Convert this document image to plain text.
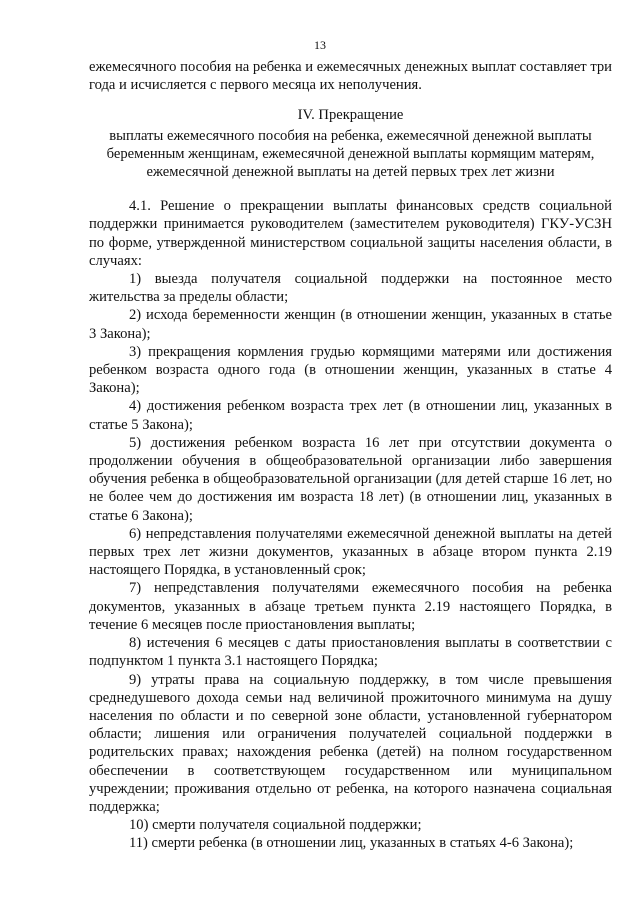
13

ежемесячного пособия на ребенка и ежемесячных денежных выплат составляет три года и исчисляется с первого месяца их неполучения.

IV. Прекращение
выплаты ежемесячного пособия на ребенка, ежемесячной денежной выплаты
беременным женщинам, ежемесячной денежной выплаты кормящим матерям,
ежемесячной денежной выплаты на детей первых трех лет жизни

4.1. Решение о прекращении выплаты финансовых средств социальной поддержки принимается руководителем (заместителем руководителя) ГКУ-УСЗН по форме, утвержденной министерством социальной защиты населения области, в случаях:

1) выезда получателя социальной поддержки на постоянное место жительства за пределы области;

2) исхода беременности женщин (в отношении женщин, указанных в статье 3 Закона);

3) прекращения кормления грудью кормящими матерями или достижения ребенком возраста одного года (в отношении женщин, указанных в статье 4 Закона);

4) достижения ребенком возраста трех лет (в отношении лиц, указанных в статье 5 Закона);

5) достижения ребенком возраста 16 лет при отсутствии документа о продолжении обучения в общеобразовательной организации либо завершения обучения ребенка в общеобразовательной организации (для детей старше 16 лет, но не более чем до достижения им возраста 18 лет) (в отношении лиц, указанных в статье 6 Закона);

6) непредставления получателями ежемесячной денежной выплаты на детей первых трех лет жизни документов, указанных в абзаце втором пункта 2.19 настоящего Порядка, в установленный срок;

7) непредставления получателями ежемесячного пособия на ребенка документов, указанных в абзаце третьем пункта 2.19 настоящего Порядка, в течение 6 месяцев после приостановления выплаты;

8) истечения 6 месяцев с даты приостановления выплаты в соответствии с подпунктом 1 пункта 3.1 настоящего Порядка;

9) утраты права на социальную поддержку, в том числе превышения среднедушевого дохода семьи над величиной прожиточного минимума на душу населения по области и по северной зоне области, установленной губернатором области; лишения или ограничения получателей социальной поддержки в родительских правах; нахождения ребенка (детей) на полном государственном обеспечении в соответствующем государственном или муниципальном учреждении; проживания отдельно от ребенка, на которого назначена социальная поддержка;

10) смерти получателя социальной поддержки;

11) смерти ребенка (в отношении лиц, указанных в статьях 4-6 Закона);
